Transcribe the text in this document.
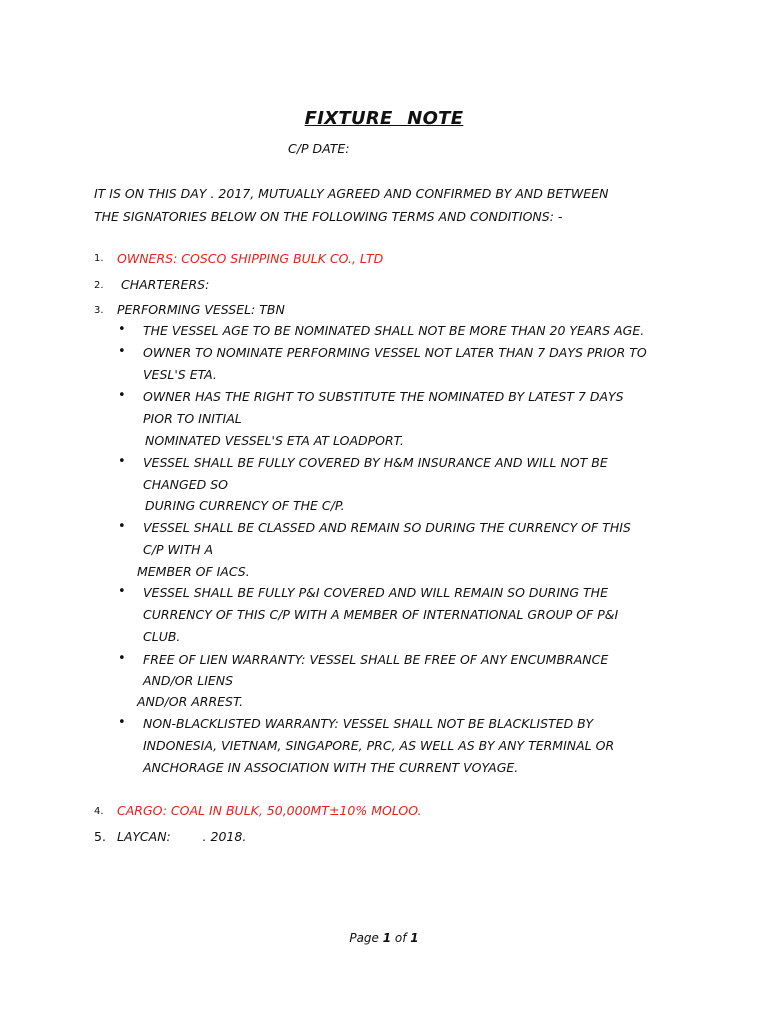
FIXTURE NOTE
C/P DATE:
IT IS ON THIS DAY . 2017, MUTUALLY AGREED AND CONFIRMED BY AND BETWEEN
THE SIGNATORIES BELOW ON THE FOLLOWING TERMS AND CONDITIONS: -
1. OWNERS: COSCO SHIPPING BULK CO., LTD
2. CHARTERERS:
3. PERFORMING VESSEL: TBN
• THE VESSEL AGE TO BE NOMINATED SHALL NOT BE MORE THAN 20 YEARS AGE.
• OWNER TO NOMINATE PERFORMING VESSEL NOT LATER THAN 7 DAYS PRIOR TO
VESL'S ETA.
• OWNER HAS THE RIGHT TO SUBSTITUTE THE NOMINATED BY LATEST 7 DAYS
PIOR TO INITIAL
NOMINATED VESSEL'S ETA AT LOADPORT.
• VESSEL SHALL BE FULLY COVERED BY H&M INSURANCE AND WILL NOT BE
CHANGED SO
DURING CURRENCY OF THE C/P.
• VESSEL SHALL BE CLASSED AND REMAIN SO DURING THE CURRENCY OF THIS
C/P WITH A
MEMBER OF IACS.
• VESSEL SHALL BE FULLY P&I COVERED AND WILL REMAIN SO DURING THE
CURRENCY OF THIS C/P WITH A MEMBER OF INTERNATIONAL GROUP OF P&I
CLUB.
• FREE OF LIEN WARRANTY: VESSEL SHALL BE FREE OF ANY ENCUMBRANCE
AND/OR LIENS
AND/OR ARREST.
• NON-BLACKLISTED WARRANTY: VESSEL SHALL NOT BE BLACKLISTED BY
INDONESIA, VIETNAM, SINGAPORE, PRC, AS WELL AS BY ANY TERMINAL OR
ANCHORAGE IN ASSOCIATION WITH THE CURRENT VOYAGE.
4. CARGO: COAL IN BULK, 50,000MT±10% MOLOO.
5. LAYCAN:        . 2018.
Page 1 of 1
